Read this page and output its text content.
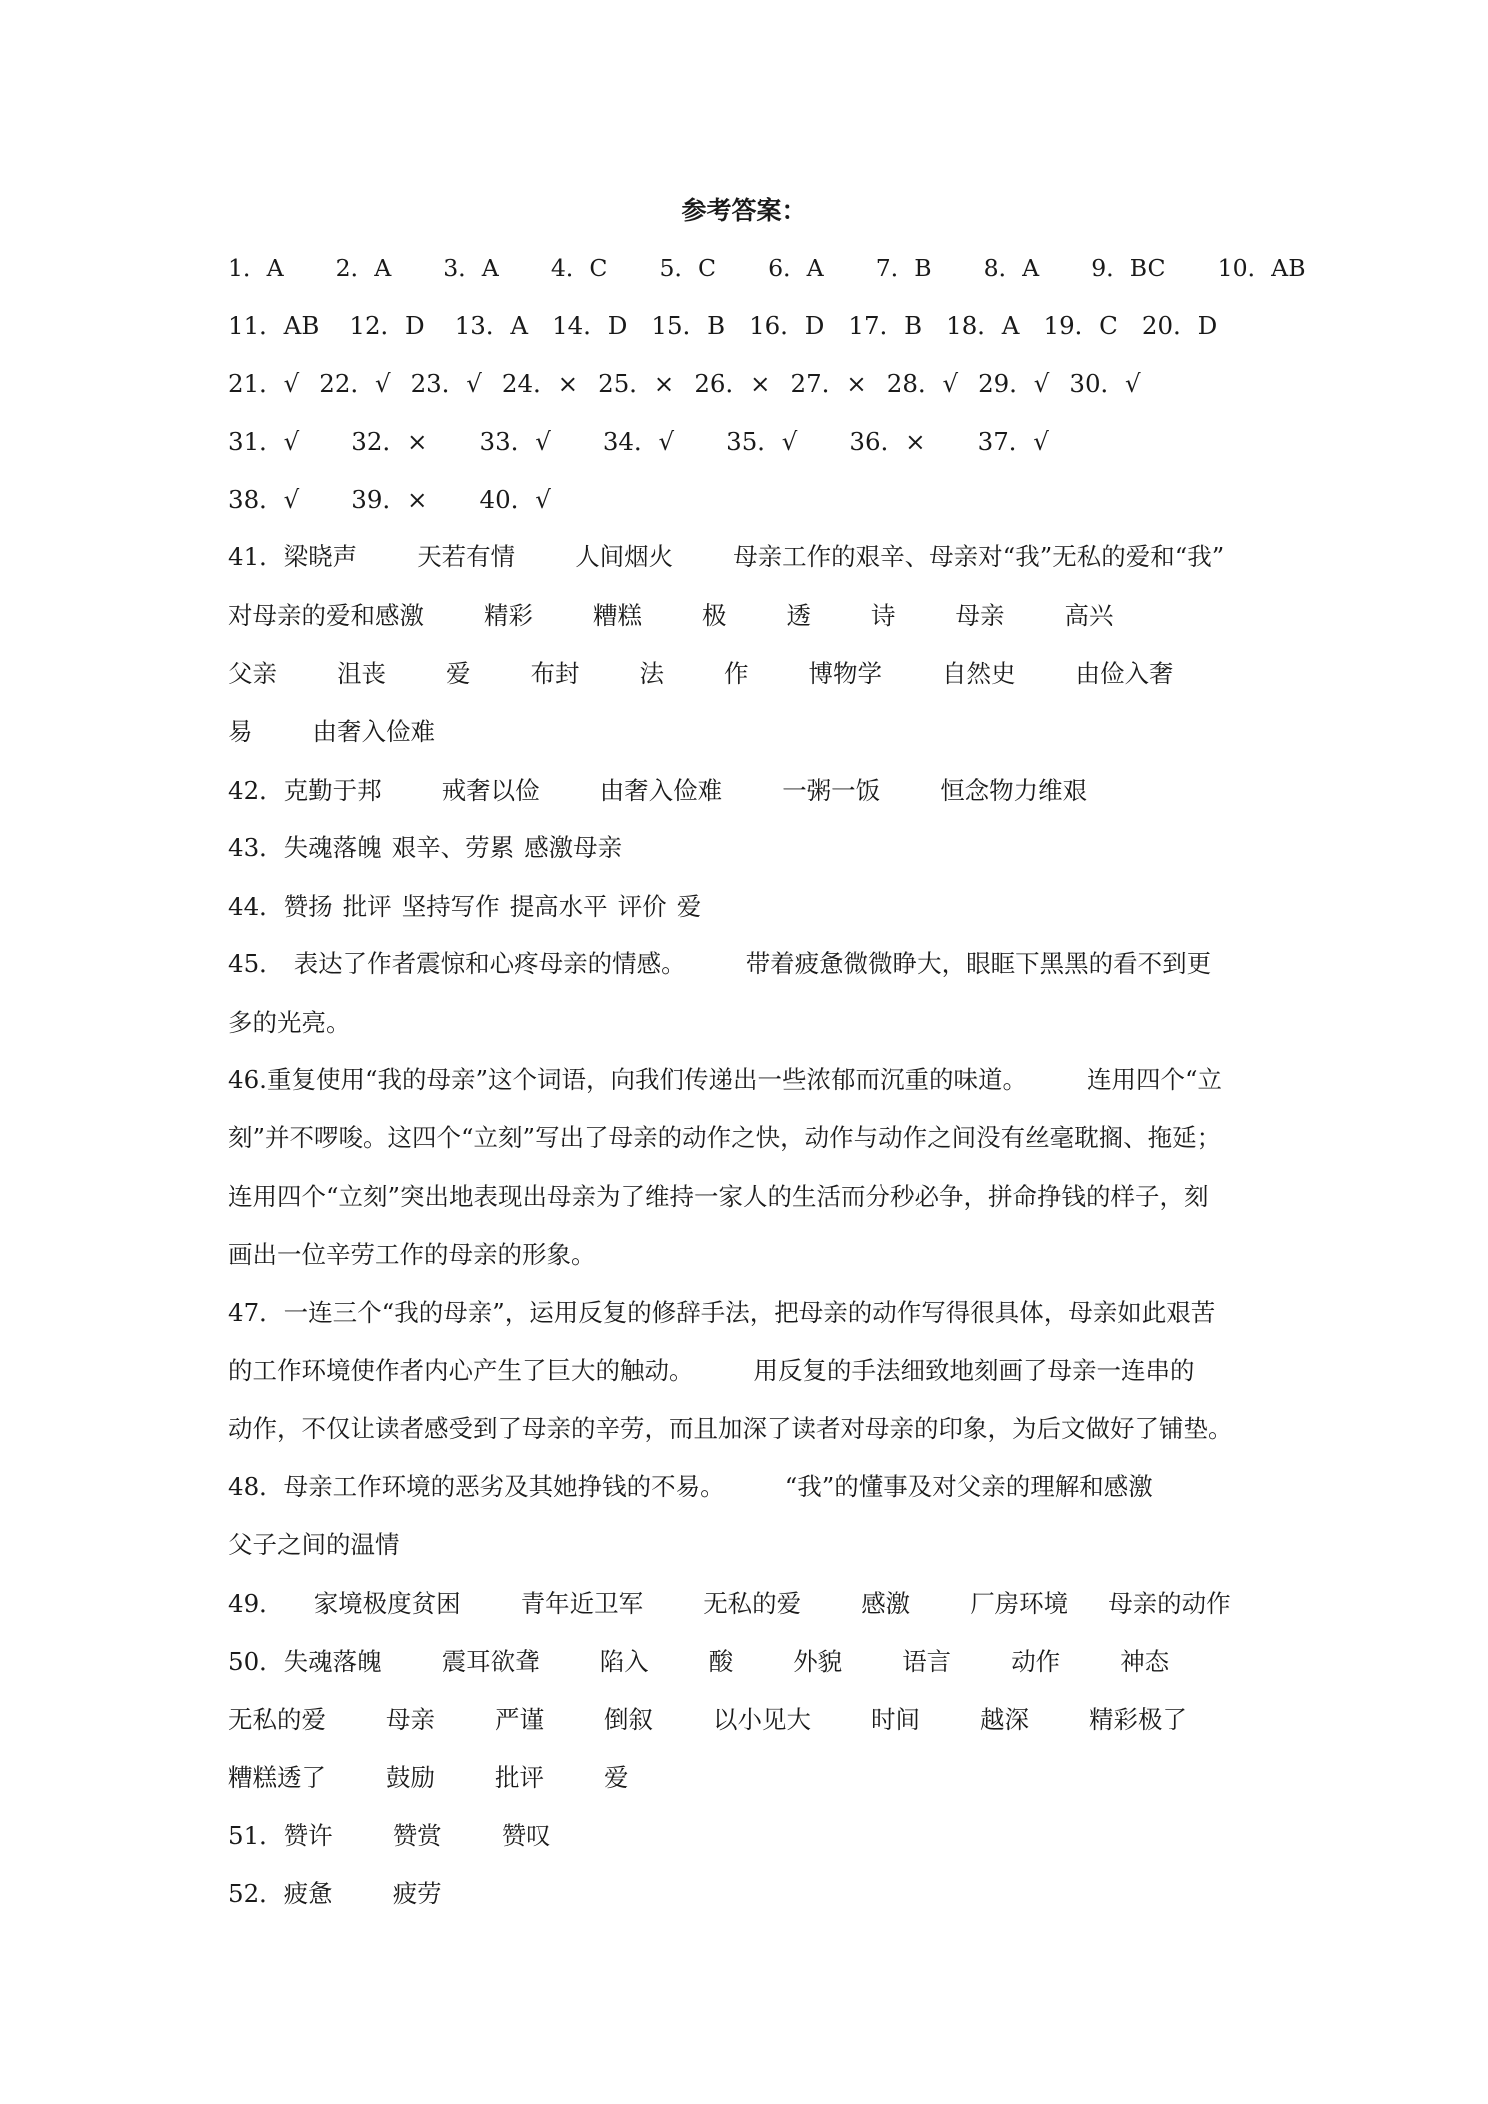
参考答案：
1．A 2．A 3．A 4．C 5．C 6．A 7．B 8．A 9．BC 10．AB
11．AB 12．D 13．A 14．D 15．B 16．D 17．B 18．A 19．C 20．D
21．√ 22．√ 23．√ 24．× 25．× 26．× 27．× 28．√ 29．√ 30．√
31．√ 32．× 33．√ 34．√ 35．√ 36．× 37．√
38．√ 39．× 40．√
41．梁晓声 天若有情 人间烟火 母亲工作的艰辛、母亲对“我”无私的爱和“我”
对母亲的爱和感激 精彩 糟糕 极 透 诗 母亲 高兴
父亲 沮丧 爱 布封 法 作 博物学 自然史 由俭入奢
易 由奢入俭难
42．克勤于邦 戒奢以俭 由奢入俭难 一粥一饭 恒念物力维艰
43．失魂落魄 艰辛、劳累 感激母亲
44．赞扬 批评 坚持写作 提高水平 评价 爱
45． 表达了作者震惊和心疼母亲的情感。 带着疲惫微微睁大，眼眶下黑黑的看不到更
多的光亮。
46.重复使用“我的母亲”这个词语，向我们传递出一些浓郁而沉重的味道。 连用四个“立
刻”并不啰唆。这四个“立刻”写出了母亲的动作之快，动作与动作之间没有丝毫耽搁、拖延；
连用四个“立刻”突出地表现出母亲为了维持一家人的生活而分秒必争，拼命挣钱的样子，刻
画出一位辛劳工作的母亲的形象。
47．一连三个“我的母亲”，运用反复的修辞手法，把母亲的动作写得很具体，母亲如此艰苦
的工作环境使作者内心产生了巨大的触动。 用反复的手法细致地刻画了母亲一连串的
动作，不仅让读者感受到了母亲的辛劳，而且加深了读者对母亲的印象，为后文做好了铺垫。
48．母亲工作环境的恶劣及其她挣钱的不易。 “我”的懂事及对父亲的理解和感激
父子之间的温情
49． 家境极度贫困 青年近卫军 无私的爱 感激 厂房环境 母亲的动作
50．失魂落魄 震耳欲聋 陷入 酸 外貌 语言 动作 神态
无私的爱 母亲 严谨 倒叙 以小见大 时间 越深 精彩极了
糟糕透了 鼓励 批评 爱
51．赞许 赞赏 赞叹
52．疲惫 疲劳
